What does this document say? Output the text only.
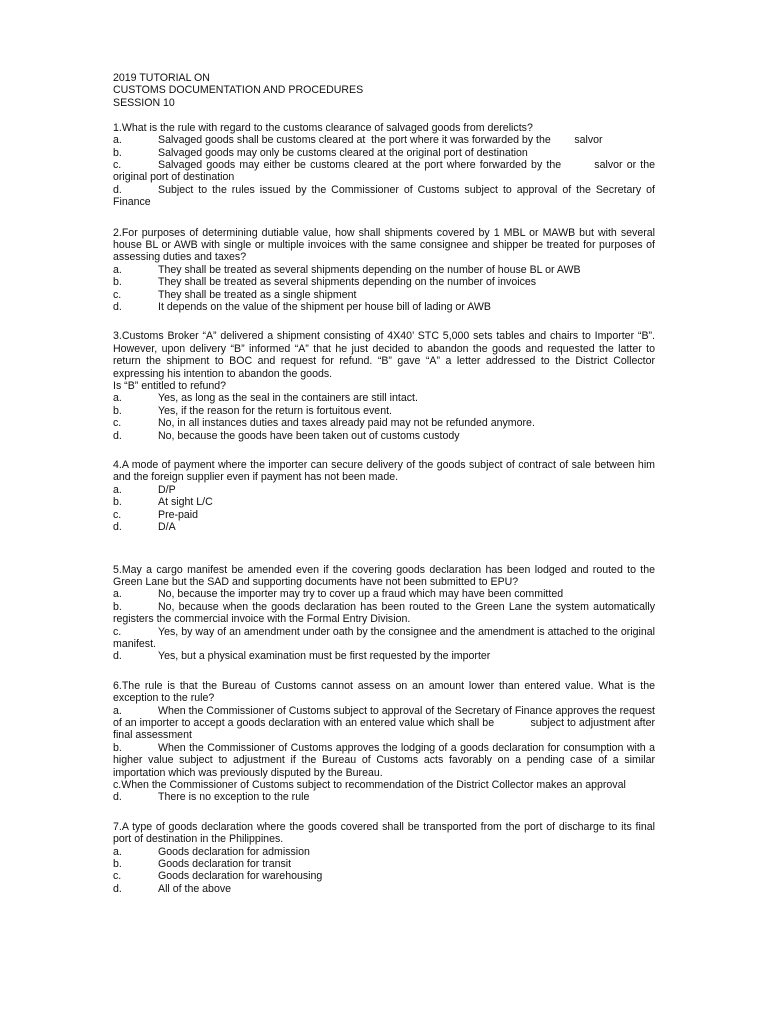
2019 TUTORIAL ON
CUSTOMS DOCUMENTATION AND PROCEDURES
SESSION 10
1.What is the rule with regard to the customs clearance of salvaged goods from derelicts?
a.	Salvaged goods shall be customs cleared at  the port where it was forwarded by the        salvor
b.	Salvaged goods may only be customs cleared at the original port of destination
c.	Salvaged goods may either be customs cleared at the port where forwarded by the        salvor or the original port of destination
d.	Subject to the rules issued by the Commissioner of Customs subject to approval of the Secretary of Finance
2.For purposes of determining dutiable value, how shall shipments covered by 1 MBL or MAWB but with several house BL or AWB with single or multiple invoices with the same consignee and shipper be treated for purposes of assessing duties and taxes?
a.	They shall be treated as several shipments depending on the number of house BL or AWB
b.	They shall be treated as several shipments depending on the number of invoices
c.	They shall be treated as a single shipment
d.	It depends on the value of the shipment per house bill of lading or AWB
3.Customs Broker “A” delivered a shipment consisting of 4X40’ STC 5,000 sets tables and chairs to Importer “B”. However, upon delivery “B” informed “A” that he just decided to abandon the goods and requested the latter to return the shipment to BOC and request for refund. “B” gave “A” a letter addressed to the District Collector expressing his intention to abandon the goods.
Is “B” entitled to refund?
a.	Yes, as long as the seal in the containers are still intact.
b.	Yes, if the reason for the return is fortuitous event.
c.	No, in all instances duties and taxes already paid may not be refunded anymore.
d.	No, because the goods have been taken out of customs custody
4.A mode of payment where the importer can secure delivery of the goods subject of contract of sale between him and the foreign supplier even if payment has not been made.
a.	D/P
b.	At sight L/C
c.	Pre-paid
d.	D/A
5.May a cargo manifest be amended even if the covering goods declaration has been lodged and routed to the Green Lane but the SAD and supporting documents have not been submitted to EPU?
a.	No, because the importer may try to cover up a fraud which may have been committed
b.	No, because when the goods declaration has been routed to the Green Lane the system automatically registers the commercial invoice with the Formal Entry Division.
c.	Yes, by way of an amendment under oath by the consignee and the amendment is attached to the original manifest.
d.	Yes, but a physical examination must be first requested by the importer
6.The rule is that the Bureau of Customs cannot assess on an amount lower than entered value. What is the exception to the rule?
a.	When the Commissioner of Customs subject to approval of the Secretary of Finance approves the request of an importer to accept a goods declaration with an entered value which shall be            subject to adjustment after final assessment
b.	When the Commissioner of Customs approves the lodging of a goods declaration for consumption with a higher value subject to adjustment if the Bureau of Customs acts favorably on a pending case of a similar importation which was previously disputed by the Bureau.
c.When the Commissioner of Customs subject to recommendation of the District Collector makes an approval
d.	There is no exception to the rule
7.A type of goods declaration where the goods covered shall be transported from the port of discharge to its final port of destination in the Philippines.
a.	Goods declaration for admission
b.	Goods declaration for transit
c.	Goods declaration for warehousing
d.	All of the above
